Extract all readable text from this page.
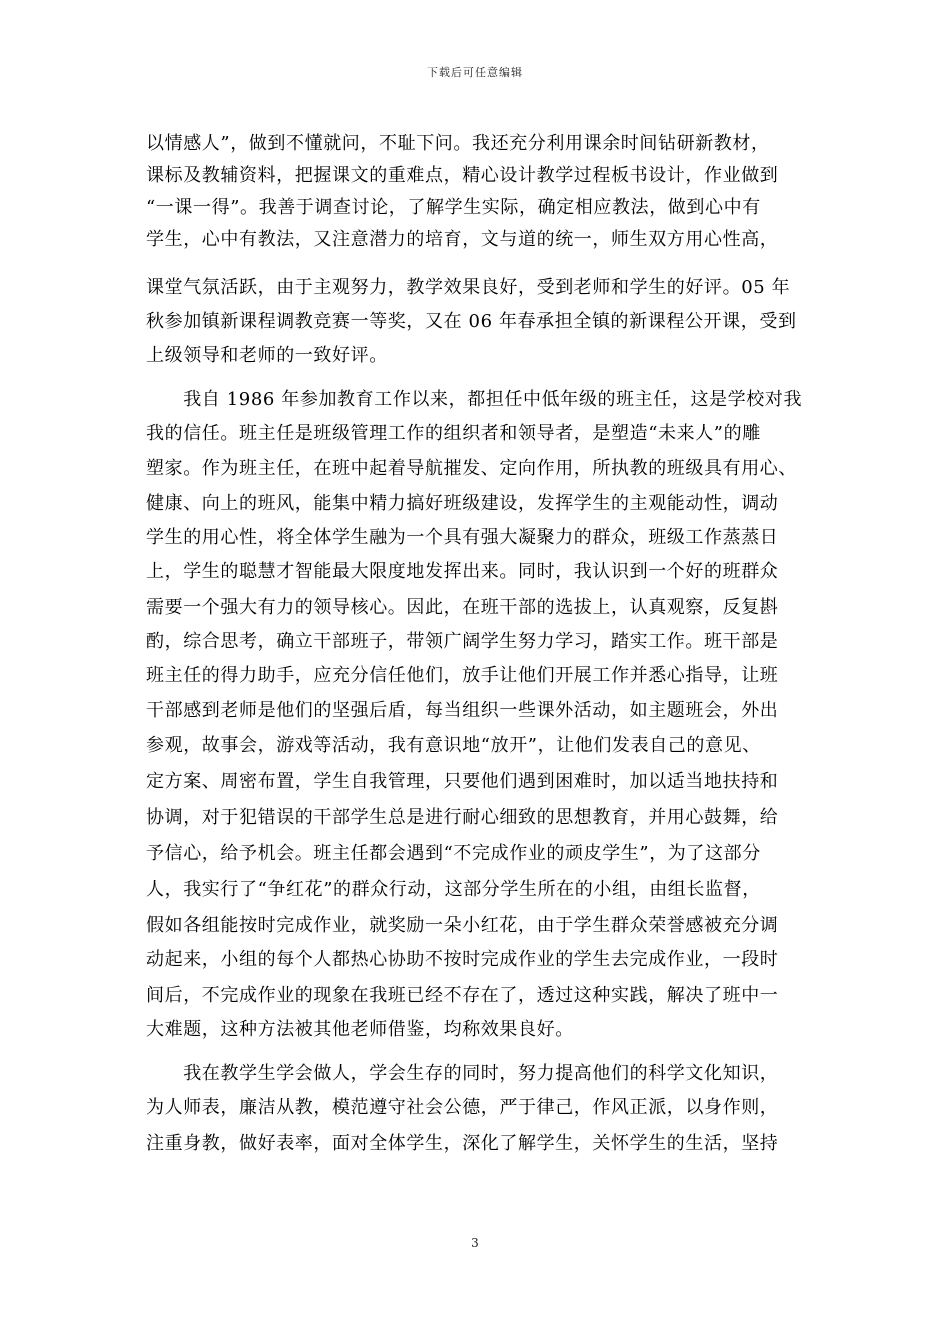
下载后可任意编辑
以情感人”，做到不懂就问，不耻下问。我还充分利用课余时间钻研新教材，
课标及教辅资料，把握课文的重难点，精心设计教学过程板书设计，作业做到
“一课一得”。我善于调查讨论，了解学生实际，确定相应教法，做到心中有
学生，心中有教法，又注意潜力的培育，文与道的统一，师生双方用心性高，
课堂气氛活跃，由于主观努力，教学效果良好，受到老师和学生的好评。05 年
秋参加镇新课程调教竞赛一等奖，又在 06 年春承担全镇的新课程公开课，受到
上级领导和老师的一致好评。
　　我自 1986 年参加教育工作以来，都担任中低年级的班主任，这是学校对我
我的信任。班主任是班级管理工作的组织者和领导者，是塑造“未来人”的雕
塑家。作为班主任，在班中起着导航摧发、定向作用，所执教的班级具有用心、
健康、向上的班风，能集中精力搞好班级建设，发挥学生的主观能动性，调动
学生的用心性，将全体学生融为一个具有强大凝聚力的群众，班级工作蒸蒸日
上，学生的聪慧才智能最大限度地发挥出来。同时，我认识到一个好的班群众
需要一个强大有力的领导核心。因此，在班干部的选拔上，认真观察，反复斟
酌，综合思考，确立干部班子，带领广阔学生努力学习，踏实工作。班干部是
班主任的得力助手，应充分信任他们，放手让他们开展工作并悉心指导，让班
干部感到老师是他们的坚强后盾，每当组织一些课外活动，如主题班会，外出
参观，故事会，游戏等活动，我有意识地“放开”，让他们发表自己的意见、
定方案、周密布置，学生自我管理，只要他们遇到困难时，加以适当地扶持和
协调，对于犯错误的干部学生总是进行耐心细致的思想教育，并用心鼓舞，给
予信心，给予机会。班主任都会遇到“不完成作业的顽皮学生”，为了这部分
人，我实行了“争红花”的群众行动，这部分学生所在的小组，由组长监督，
假如各组能按时完成作业，就奖励一朵小红花，由于学生群众荣誉感被充分调
动起来，小组的每个人都热心协助不按时完成作业的学生去完成作业，一段时
间后，不完成作业的现象在我班已经不存在了，透过这种实践，解决了班中一
大难题，这种方法被其他老师借鉴，均称效果良好。
　　我在教学生学会做人，学会生存的同时，努力提高他们的科学文化知识，
为人师表，廉洁从教，模范遵守社会公德，严于律己，作风正派，以身作则，
注重身教，做好表率，面对全体学生，深化了解学生，关怀学生的生活，坚持
3
